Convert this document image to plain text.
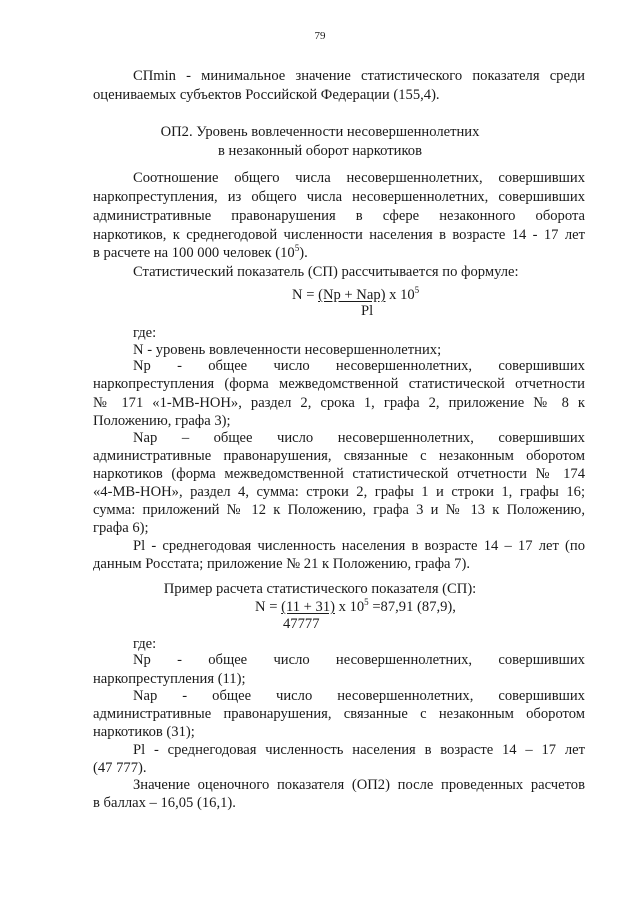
79
СПmin - минимальное значение статистического показателя среди
оцениваемых субъектов Российской Федерации (155,4).
ОП2. Уровень вовлеченности несовершеннолетних
в незаконный оборот наркотиков
Соотношение общего числа несовершеннолетних, совершивших
наркопреступления, из общего числа несовершеннолетних, совершивших
административные правонарушения в сфере незаконного оборота
наркотиков, к среднегодовой численности населения в возрасте 14 - 17 лет
в расчете на 100 000 человек $(10^5)$.
Статистический показатель (СП) рассчитывается по формуле:
N = (Np + Nap) x $10^5$
Pl
где:
N - уровень вовлеченности несовершеннолетних;
Np - общее число несовершеннолетних, совершивших
наркопреступления (форма межведомственной статистической отчетности
№ 171 «1-МВ-НОН», раздел 2, срока 1, графа 2, приложение № 8 к
Положению, графа 3);
Nap – общее число несовершеннолетних, совершивших
административные правонарушения, связанные с незаконным оборотом
наркотиков (форма межведомственной статистической отчетности № 174
«4-МВ-НОН», раздел 4, сумма: строки 2, графы 1 и строки 1, графы 16;
сумма: приложений № 12 к Положению, графа 3 и № 13 к Положению,
графа 6);
Pl - среднегодовая численность населения в возрасте 14 – 17 лет (по
данным Росстата; приложение № 21 к Положению, графа 7).
Пример расчета статистического показателя (СП):
N = (11 + 31) x $10^5 =87,91$ (87,9),
47777
где:
Np - общее число несовершеннолетних, совершивших
наркопреступления (11);
Nap - общее число несовершеннолетних, совершивших
административные правонарушения, связанные с незаконным оборотом
наркотиков (31);
Pl - среднегодовая численность населения в возрасте 14 – 17 лет
(47 777).
Значение оценочного показателя (ОП2) после проведенных расчетов
в баллах – 16,05 (16,1).
